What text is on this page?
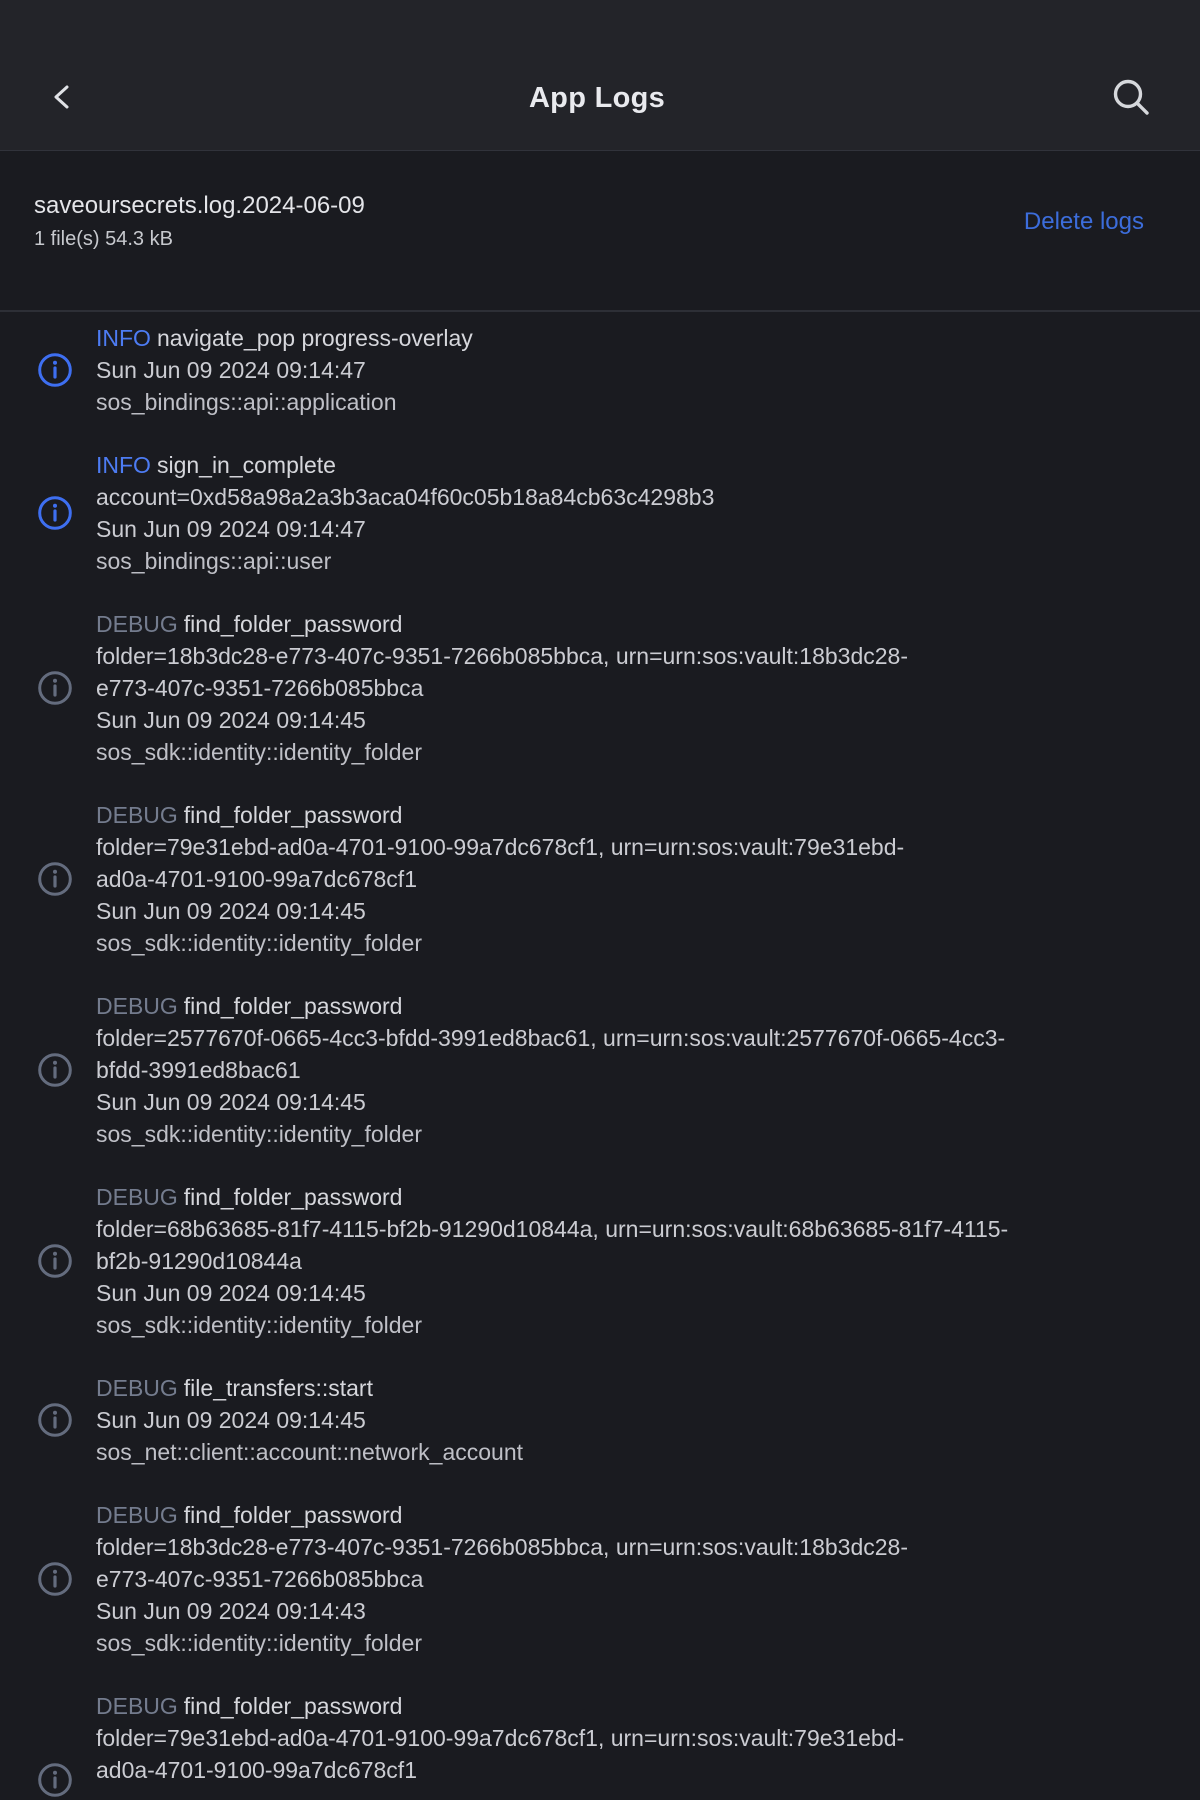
App Logs
saveoursecrets.log.2024-06-09
1 file(s) 54.3 kB
Delete logs
INFO navigate_pop progress-overlay
Sun Jun 09 2024 09:14:47
sos_bindings::api::application
INFO sign_in_complete
account=0xd58a98a2a3b3aca04f60c05b18a84cb63c4298b3
Sun Jun 09 2024 09:14:47
sos_bindings::api::user
DEBUG find_folder_password
folder=18b3dc28-e773-407c-9351-7266b085bbca, urn=urn:sos:vault:18b3dc28-
e773-407c-9351-7266b085bbca
Sun Jun 09 2024 09:14:45
sos_sdk::identity::identity_folder
DEBUG find_folder_password
folder=79e31ebd-ad0a-4701-9100-99a7dc678cf1, urn=urn:sos:vault:79e31ebd-
ad0a-4701-9100-99a7dc678cf1
Sun Jun 09 2024 09:14:45
sos_sdk::identity::identity_folder
DEBUG find_folder_password
folder=2577670f-0665-4cc3-bfdd-3991ed8bac61, urn=urn:sos:vault:2577670f-0665-4cc3-
bfdd-3991ed8bac61
Sun Jun 09 2024 09:14:45
sos_sdk::identity::identity_folder
DEBUG find_folder_password
folder=68b63685-81f7-4115-bf2b-91290d10844a, urn=urn:sos:vault:68b63685-81f7-4115-
bf2b-91290d10844a
Sun Jun 09 2024 09:14:45
sos_sdk::identity::identity_folder
DEBUG file_transfers::start
Sun Jun 09 2024 09:14:45
sos_net::client::account::network_account
DEBUG find_folder_password
folder=18b3dc28-e773-407c-9351-7266b085bbca, urn=urn:sos:vault:18b3dc28-
e773-407c-9351-7266b085bbca
Sun Jun 09 2024 09:14:43
sos_sdk::identity::identity_folder
DEBUG find_folder_password
folder=79e31ebd-ad0a-4701-9100-99a7dc678cf1, urn=urn:sos:vault:79e31ebd-
ad0a-4701-9100-99a7dc678cf1
